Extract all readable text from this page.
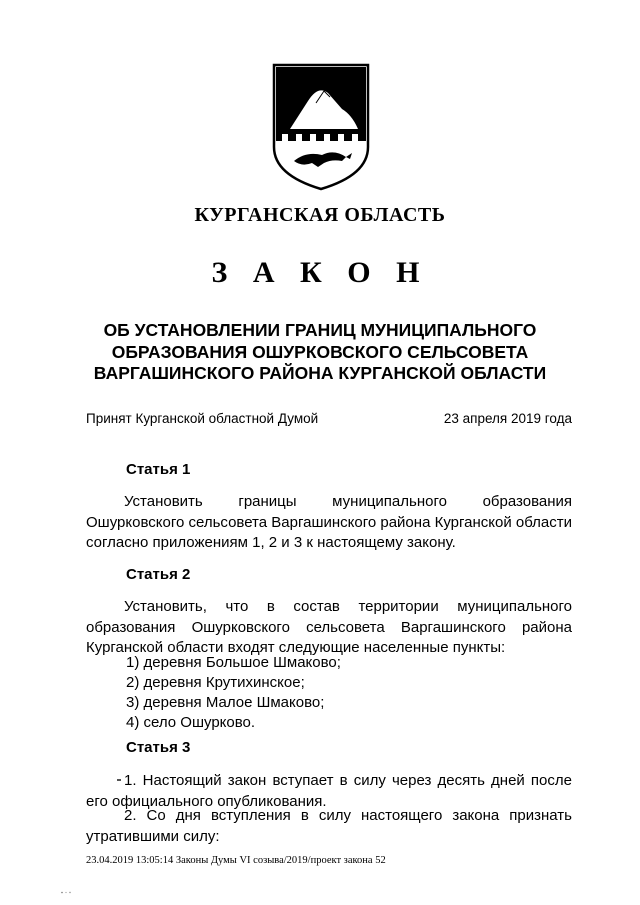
КУРГАНСКАЯ ОБЛАСТЬ
З А К О Н
ОБ УСТАНОВЛЕНИИ ГРАНИЦ МУНИЦИПАЛЬНОГО
ОБРАЗОВАНИЯ ОШУРКОВСКОГО СЕЛЬСОВЕТА
ВАРГАШИНСКОГО РАЙОНА КУРГАНСКОЙ ОБЛАСТИ
Принят Курганской областной Думой	23 апреля 2019 года
Статья 1

Установить границы муниципального образования Ошурковского сельсовета Варгашинского района Курганской области согласно приложениям 1, 2 и 3 к настоящему закону.

Статья 2

Установить, что в состав территории муниципального образования Ошурковского сельсовета Варгашинского района Курганской области входят следующие населенные пункты:

1) деревня Большое Шмаково;
2) деревня Крутихинское;
3) деревня Малое Шмаково;
4) село Ошурково.
Статья 3

1. Настоящий закон вступает в силу через десять дней после его официального опубликования.

2. Со дня вступления в силу настоящего закона признать утратившими силу:

23.04.2019 13:05:14 Законы Думы VI созыва/2019/проект закона 52
